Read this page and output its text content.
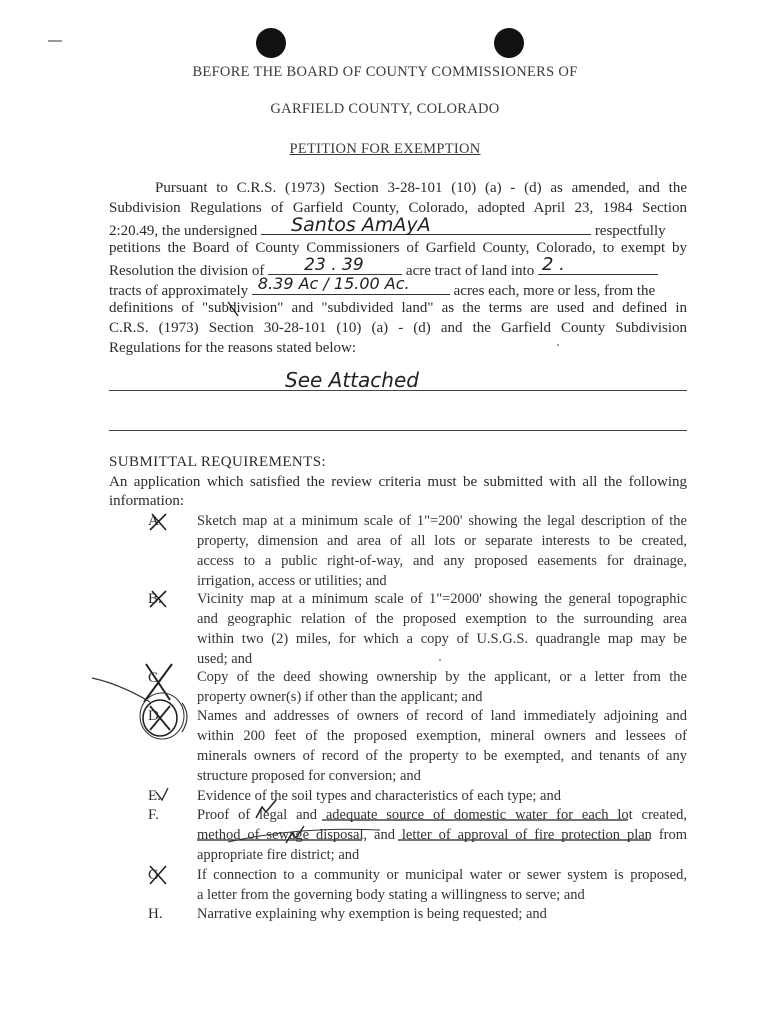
BEFORE THE BOARD OF COUNTY COMMISSIONERS OF
GARFIELD COUNTY, COLORADO
PETITION FOR EXEMPTION
Pursuant to C.R.S. (1973) Section 3-28-101 (10) (a) - (d) as amended, and the
Subdivision Regulations of Garfield County, Colorado, adopted April 23, 1984 Section
2:20.49, the undersigned Santos AmAyA	respectfully
petitions the Board of County Commissioners of Garfield County, Colorado, to exempt by
Resolution the division of 23 . 39	acre tract of land into 2 .
tracts of approximately 8.39 Ac / 15.00 Ac.	acres each, more or less, from the
definitions of "subdivision" and "subdivided land" as the terms are used and defined in
C.R.S. (1973) Section 30-28-101 (10) (a) - (d) and the Garfield County Subdivision
Regulations for the reasons stated below:
See Attached
SUBMITTAL REQUIREMENTS:
An application which satisfied the review criteria must be submitted with all the following
information:
A.	Sketch map at a minimum scale of 1"=200' showing the legal description of the
property, dimension and area of all lots or separate interests to be created,
access to a public right-of-way, and any proposed easements for drainage,
irrigation, access or utilities; and
B.	Vicinity map at a minimum scale of 1"=2000' showing the general topographic
and geographic relation of the proposed exemption to the surrounding area
within two (2) miles, for which a copy of U.S.G.S. quadrangle map may be
used; and
C.	Copy of the deed showing ownership by the applicant, or a letter from the
property owner(s) if other than the applicant; and
D.	Names and addresses of owners of record of land immediately adjoining and
within 200 feet of the proposed exemption, mineral owners and lessees of
minerals owners of record of the property to be exempted, and tenants of any
structure proposed for conversion; and
E.	Evidence of the soil types and characteristics of each type; and
F.	Proof of legal and adequate source of domestic water for each lot created,
method of sewage disposal, and letter of approval of fire protection plan from
appropriate fire district; and
G.	If connection to a community or municipal water or sewer system is proposed,
a letter from the governing body stating a willingness to serve; and
H.	Narrative explaining why exemption is being requested; and
